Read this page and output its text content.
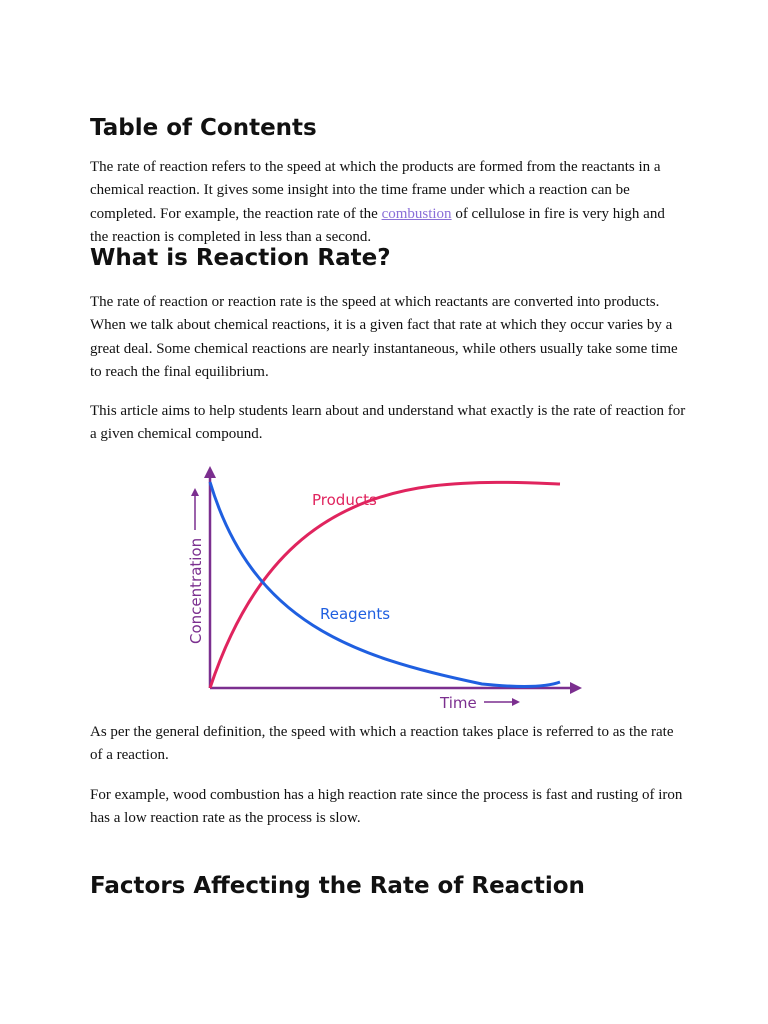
Table of Contents

The rate of reaction refers to the speed at which the products are formed from the reactants in a chemical reaction. It gives some insight into the time frame under which a reaction can be completed. For example, the reaction rate of the combustion of cellulose in fire is very high and the reaction is completed in less than a second.

What is Reaction Rate?

The rate of reaction or reaction rate is the speed at which reactants are converted into products. When we talk about chemical reactions, it is a given fact that rate at which they occur varies by a great deal. Some chemical reactions are nearly instantaneous, while others usually take some time to reach the final equilibrium.

This article aims to help students learn about and understand what exactly is the rate of reaction for a given chemical compound.

As per the general definition, the speed with which a reaction takes place is referred to as the rate of a reaction.

For example, wood combustion has a high reaction rate since the process is fast and rusting of iron has a low reaction rate as the process is slow.

Factors Affecting the Rate of Reaction
Products
Reagents
Concentration
Time
